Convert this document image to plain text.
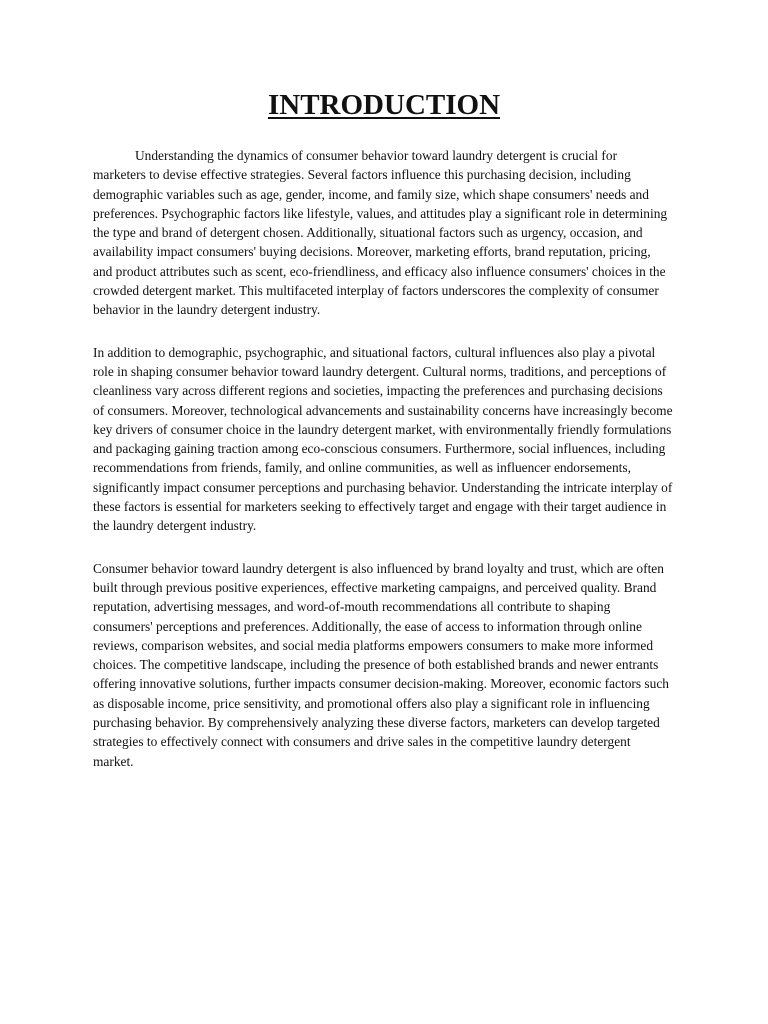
INTRODUCTION

Understanding the dynamics of consumer behavior toward laundry detergent is crucial for marketers to devise effective strategies. Several factors influence this purchasing decision, including demographic variables such as age, gender, income, and family size, which shape consumers' needs and preferences. Psychographic factors like lifestyle, values, and attitudes play a significant role in determining the type and brand of detergent chosen. Additionally, situational factors such as urgency, occasion, and availability impact consumers' buying decisions. Moreover, marketing efforts, brand reputation, pricing, and product attributes such as scent, eco-friendliness, and efficacy also influence consumers' choices in the crowded detergent market. This multifaceted interplay of factors underscores the complexity of consumer behavior in the laundry detergent industry.

In addition to demographic, psychographic, and situational factors, cultural influences also play a pivotal role in shaping consumer behavior toward laundry detergent. Cultural norms, traditions, and perceptions of cleanliness vary across different regions and societies, impacting the preferences and purchasing decisions of consumers. Moreover, technological advancements and sustainability concerns have increasingly become key drivers of consumer choice in the laundry detergent market, with environmentally friendly formulations and packaging gaining traction among eco-conscious consumers. Furthermore, social influences, including recommendations from friends, family, and online communities, as well as influencer endorsements, significantly impact consumer perceptions and purchasing behavior. Understanding the intricate interplay of these factors is essential for marketers seeking to effectively target and engage with their target audience in the laundry detergent industry.

Consumer behavior toward laundry detergent is also influenced by brand loyalty and trust, which are often built through previous positive experiences, effective marketing campaigns, and perceived quality. Brand reputation, advertising messages, and word-of-mouth recommendations all contribute to shaping consumers' perceptions and preferences. Additionally, the ease of access to information through online reviews, comparison websites, and social media platforms empowers consumers to make more informed choices. The competitive landscape, including the presence of both established brands and newer entrants offering innovative solutions, further impacts consumer decision-making. Moreover, economic factors such as disposable income, price sensitivity, and promotional offers also play a significant role in influencing purchasing behavior. By comprehensively analyzing these diverse factors, marketers can develop targeted strategies to effectively connect with consumers and drive sales in the competitive laundry detergent market.
